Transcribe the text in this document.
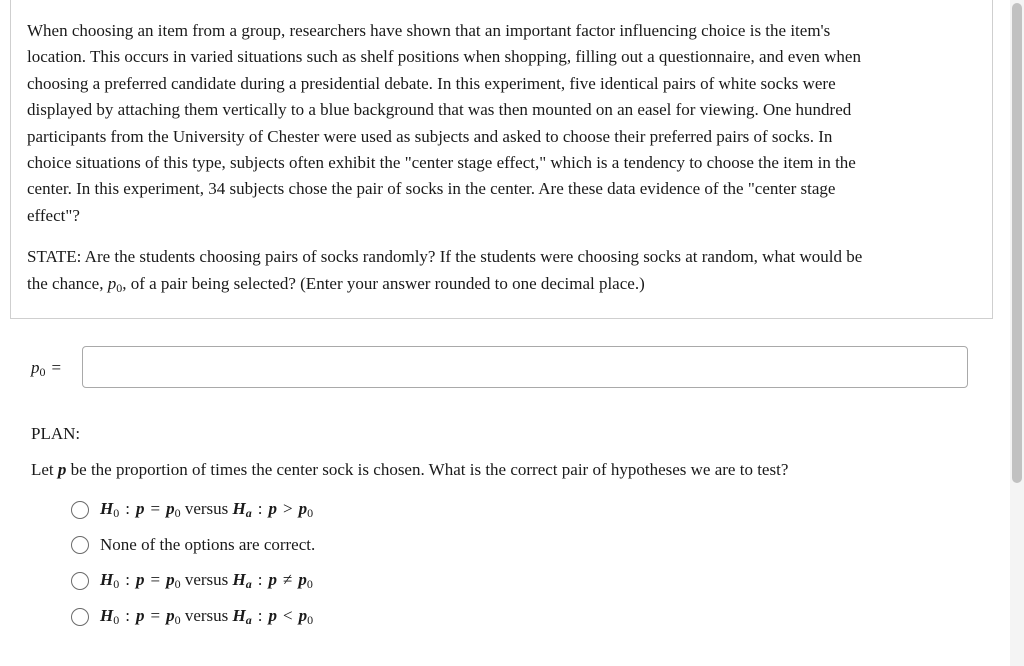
When choosing an item from a group, researchers have shown that an important factor influencing choice is the item's
location. This occurs in varied situations such as shelf positions when shopping, filling out a questionnaire, and even when
choosing a preferred candidate during a presidential debate. In this experiment, five identical pairs of white socks were
displayed by attaching them vertically to a blue background that was then mounted on an easel for viewing. One hundred
participants from the University of Chester were used as subjects and asked to choose their preferred pairs of socks. In
choice situations of this type, subjects often exhibit the "center stage effect," which is a tendency to choose the item in the
center. In this experiment, 34 subjects chose the pair of socks in the center. Are these data evidence of the "center stage
effect"?

STATE: Are the students choosing pairs of socks randomly? If the students were choosing socks at random, what would be
the chance, $p_0$, of a pair being selected? (Enter your answer rounded to one decimal place.)

$p_0$ =
PLAN:
Let p be the proportion of times the center sock is chosen. What is the correct pair of hypotheses we are to test?
$H_0$ : $p = p_0$ versus Ha : $p > p_0$
None of the options are correct.
$H_0$ : $p = p_0$ versus Ha : $p \ne p_0$
$H_0$ : $p = p_0$ versus Ha : $p < p_0$
